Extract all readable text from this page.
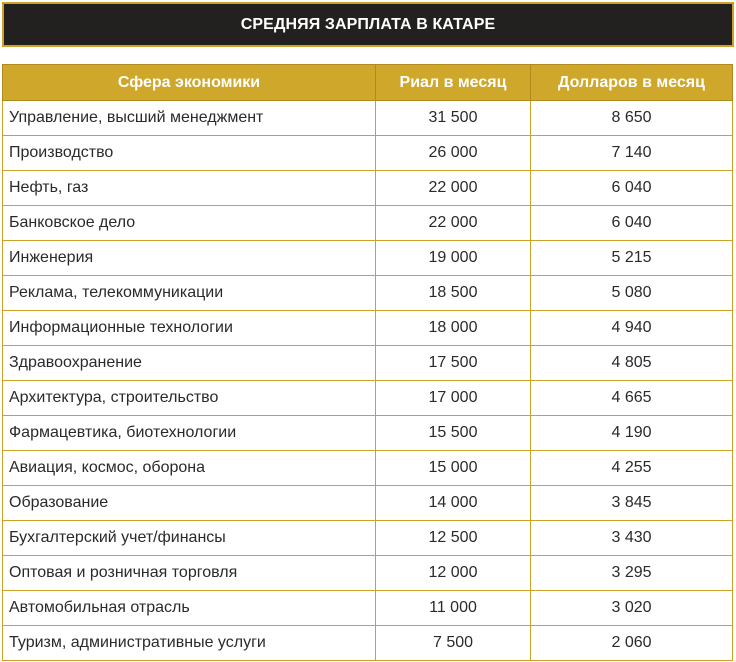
СРЕДНЯЯ ЗАРПЛАТА В КАТАРЕ
Сфера экономики	Риал в месяц	Долларов в месяц
Управление, высший менеджмент	31 500	8 650
Производство	26 000	7 140
Нефть, газ	22 000	6 040
Банковское дело	22 000	6 040
Инженерия	19 000	5 215
Реклама, телекоммуникации	18 500	5 080
Информационные технологии	18 000	4 940
Здравоохранение	17 500	4 805
Архитектура, строительство	17 000	4 665
Фармацевтика, биотехнологии	15 500	4 190
Авиация, космос, оборона	15 000	4 255
Образование	14 000	3 845
Бухгалтерский учет/финансы	12 500	3 430
Оптовая и розничная торговля	12 000	3 295
Автомобильная отрасль	11 000	3 020
Туризм, административные услуги	7 500	2 060
